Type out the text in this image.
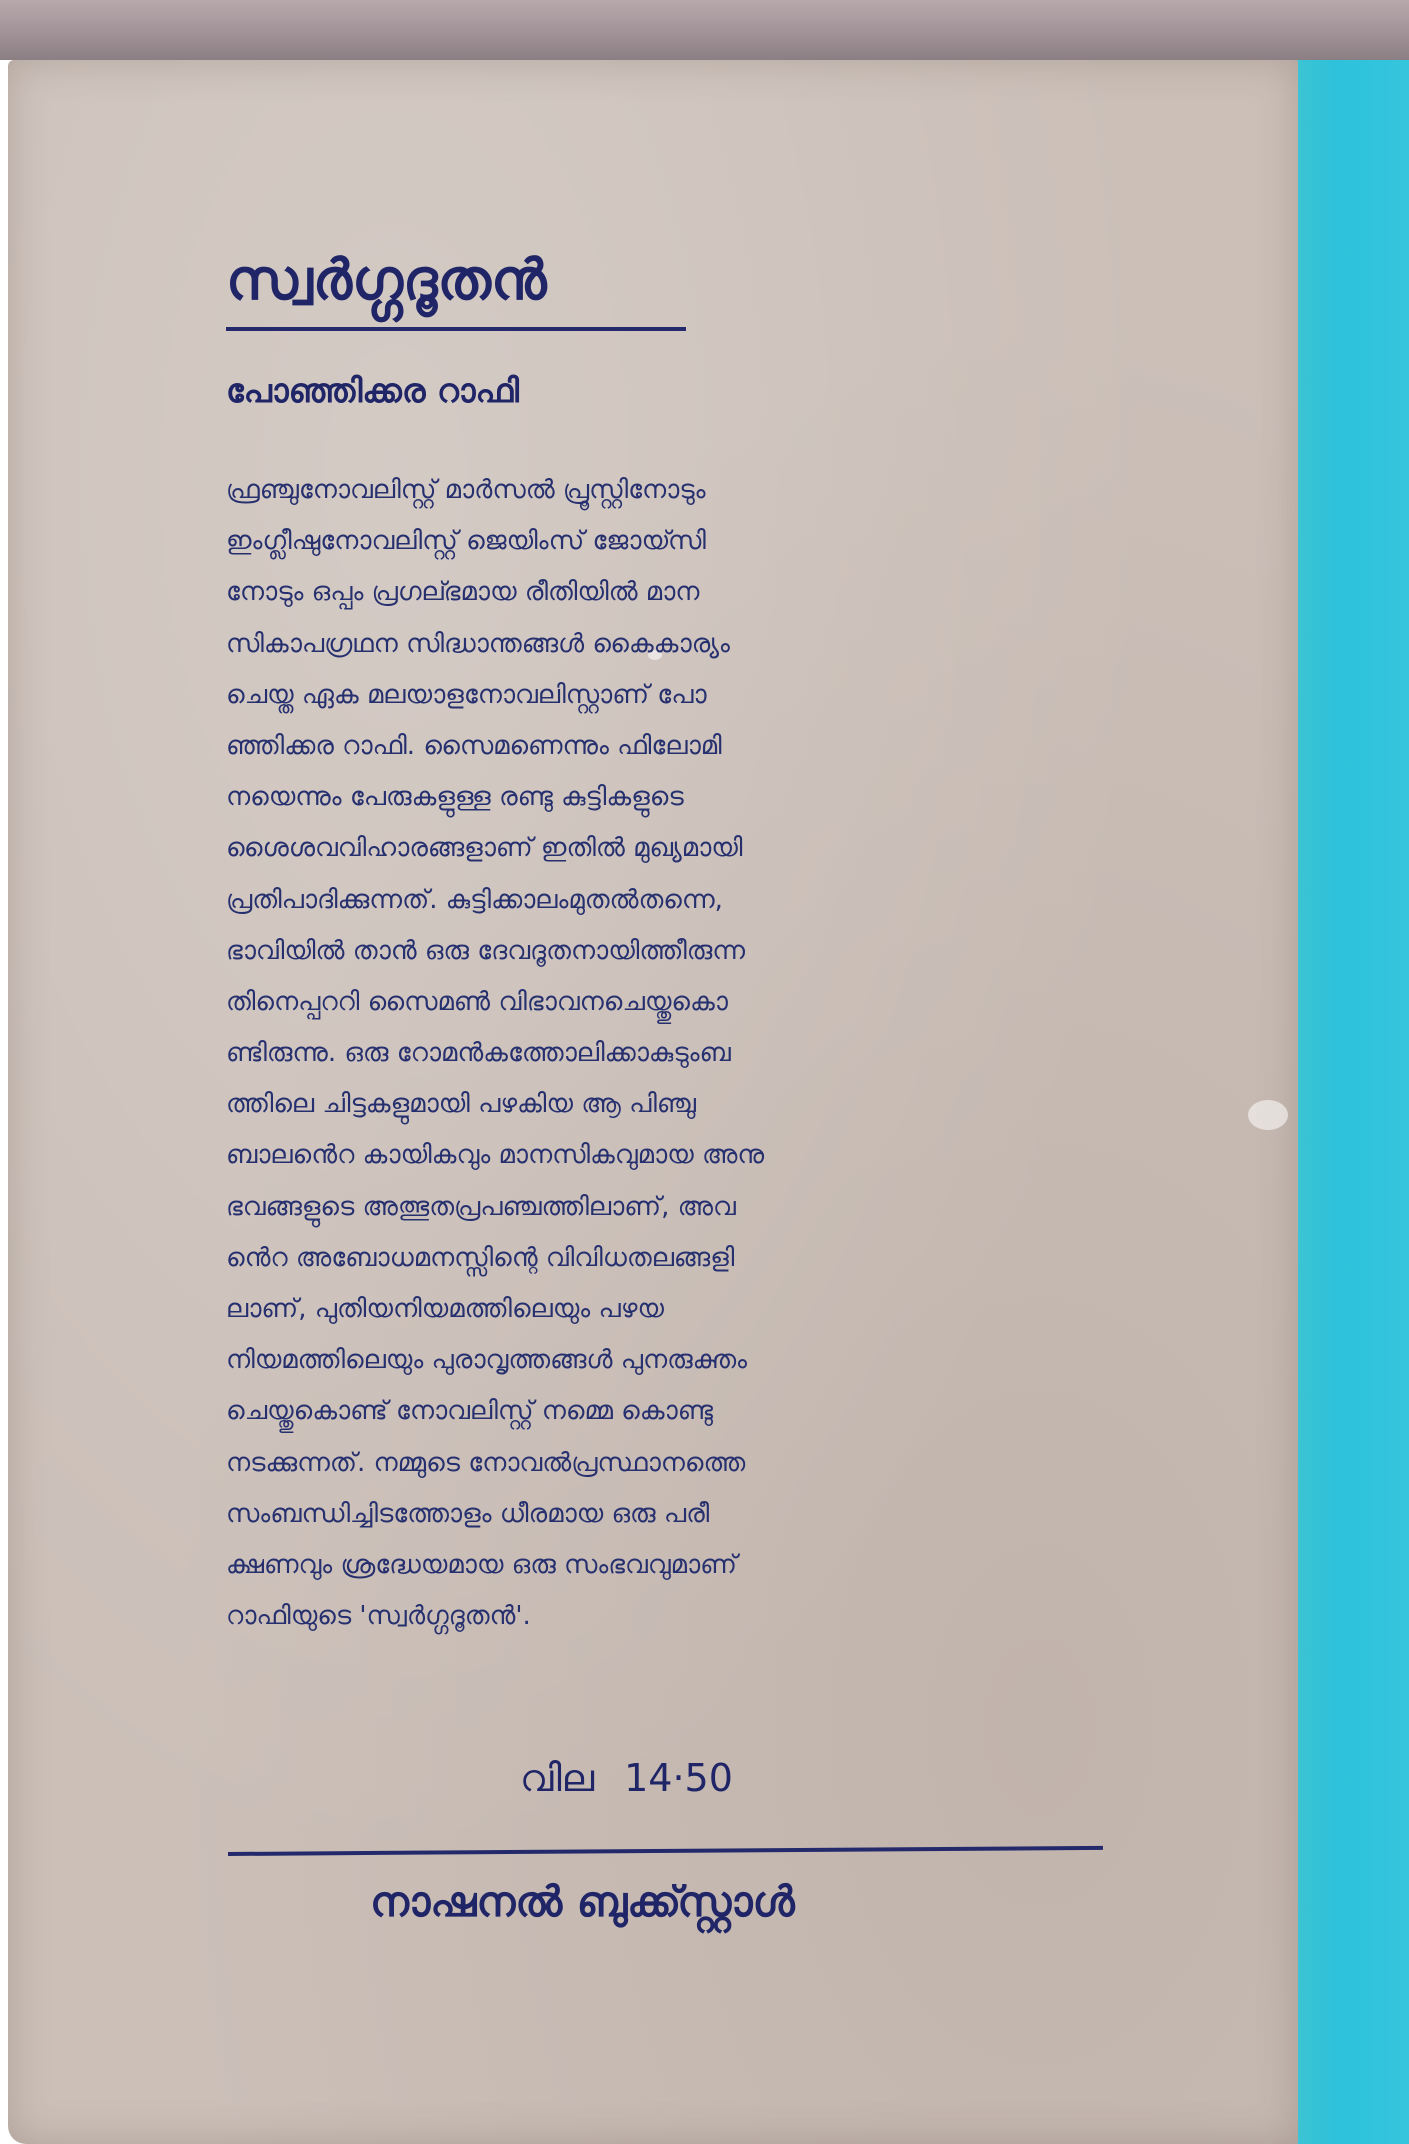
സ്വർഗ്ഗദൂതൻ
പോഞ്ഞിക്കര റാഫി
ഫ്രഞ്ചുനോവലിസ്റ്റ് മാർസൽ പ്രൂസ്റ്റിനോടും
ഇംഗ്ലീഷുനോവലിസ്റ്റ് ജെയിംസ് ജോയ്സി
നോടും ഒപ്പം പ്രഗല്ഭമായ രീതിയിൽ മാന
സികാപഗ്രഥന സിദ്ധാന്തങ്ങൾ കൈകാര്യം
ചെയ്ത ഏക മലയാളനോവലിസ്റ്റാണ് പോ
ഞ്ഞിക്കര റാഫി. സൈമണെന്നും ഫിലോമി
നയെന്നും പേരുകളുള്ള രണ്ടു കുട്ടികളുടെ
ശൈശവവിഹാരങ്ങളാണ് ഇതിൽ മുഖ്യമായി
പ്രതിപാദിക്കുന്നത്. കുട്ടിക്കാലംമുതൽതന്നെ,
ഭാവിയിൽ താൻ ഒരു ദേവദൂതനായിത്തീരുന്ന
തിനെപ്പററി സൈമൺ വിഭാവനചെയ്തുകൊ
ണ്ടിരുന്നു. ഒരു റോമൻകത്തോലിക്കാകുടുംബ
ത്തിലെ ചിട്ടകളുമായി പഴകിയ ആ പിഞ്ചു
ബാലൻെറ കായികവും മാനസികവുമായ അനു
ഭവങ്ങളുടെ അത്ഭുതപ്രപഞ്ചത്തിലാണ്, അവ
ൻെറ അബോധമനസ്സിന്റെ വിവിധതലങ്ങളി
ലാണ്, പുതിയനിയമത്തിലെയും പഴയ
നിയമത്തിലെയും പുരാവൃത്തങ്ങൾ പുനരുക്തം
ചെയ്തുകൊണ്ട് നോവലിസ്റ്റ് നമ്മെ കൊണ്ടു
നടക്കുന്നത്. നമ്മുടെ നോവൽപ്രസ്ഥാനത്തെ
സംബന്ധിച്ചിടത്തോളം ധീരമായ ഒരു പരീ
ക്ഷണവും ശ്രദ്ധേയമായ ഒരു സംഭവവുമാണ്
റാഫിയുടെ 'സ്വർഗ്ഗദൂതൻ'.
വില 14·50
നാഷനൽ ബുക്ക്സ്റ്റാൾ
